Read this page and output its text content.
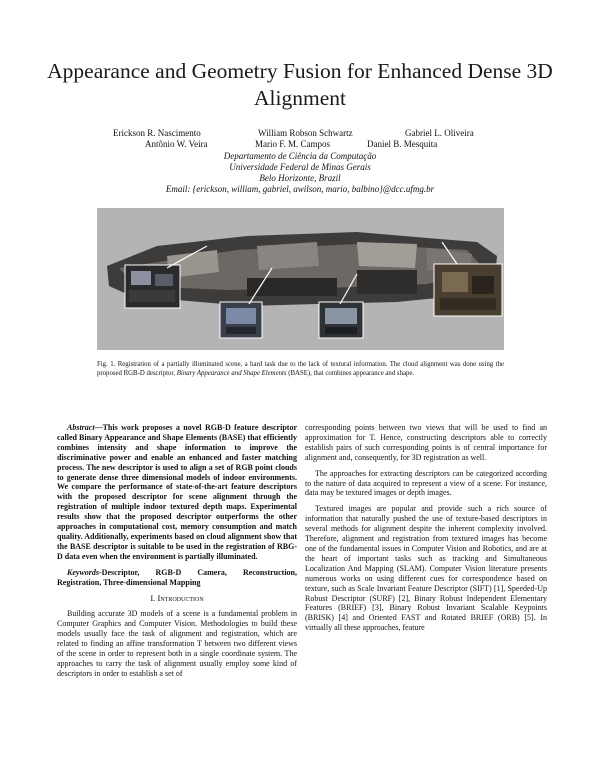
Appearance and Geometry Fusion for Enhanced Dense 3D Alignment
Erickson R. Nascimento	William Robson Schwartz	Gabriel L. Oliveira
Antônio W. Veira	Mario F. M. Campos	Daniel B. Mesquita
Departamento de Ciência da Computação
Universidade Federal de Minas Gerais
Belo Horizonte, Brazil
Email: {erickson, william, gabriel, awilson, mario, balbino}@dcc.ufmg.br
Fig. 1. Registration of a partially illuminated scene, a hard task due to the lack of textural information. The cloud alignment was done using the proposed RGB-D descriptor, Binary Appearance and Shape Elements (BASE), that combines appearance and shape.

Abstract—This work proposes a novel RGB-D feature descriptor called Binary Appearance and Shape Elements (BASE) that efficiently combines intensity and shape information to improve the discriminative power and enable an enhanced and faster matching process. The new descriptor is used to align a set of RGB point clouds to generate dense three dimensional models of indoor environments. We compare the performance of state-of-the-art feature descriptors with the proposed descriptor for scene alignment through the registration of multiple indoor textured depth maps. Experimental results show that the proposed descriptor outperforms the other approaches in computational cost, memory consumption and match quality. Additionally, experiments based on cloud alignment show that the BASE descriptor is suitable to be used in the registration of RBG-D data even when the environment is partially illuminated.

Keywords-Descriptor, RGB-D Camera, Reconstruction, Registration, Three-dimensional Mapping

I. Introduction

Building accurate 3D models of a scene is a fundamental problem in Computer Graphics and Computer Vision. Methodologies to build these models usually face the task of alignment and registration, which are related to finding an affine transformation T between two different views of the scene in order to represent both in a single coordinate system. The approaches to carry the task of alignment usually employ some kind of descriptors in order to establish a set of

corresponding points between two views that will be used to find an approximation for T. Hence, constructing descriptors able to correctly establish pairs of such corresponding points is of central importance for alignment and, consequently, for 3D registration as well.

The approaches for extracting descriptors can be categorized according to the nature of data acquired to represent a view of a scene. For instance, data may be textured images or depth images.

Textured images are popular and provide such a rich source of information that naturally pushed the use of texture-based descriptors in several methods for alignment despite the inherent complexity involved. Therefore, alignment and registration from textured images has become one of the fundamental issues in Computer Vision and Robotics, and are at the heart of important tasks such as tracking and Simultaneous Localization And Mapping (SLAM). Computer Vision literature presents numerous works on using different cues for correspondence based on texture, such as Scale Invariant Feature Descriptor (SIFT) [1], Speeded-Up Robust Descriptor (SURF) [2], Binary Robust Independent Elementary Features (BRIEF) [3], Binary Robust Invariant Scalable Keypoints (BRISK) [4] and Oriented FAST and Rotated BRIEF (ORB) [5]. In virtually all these approaches, feature
